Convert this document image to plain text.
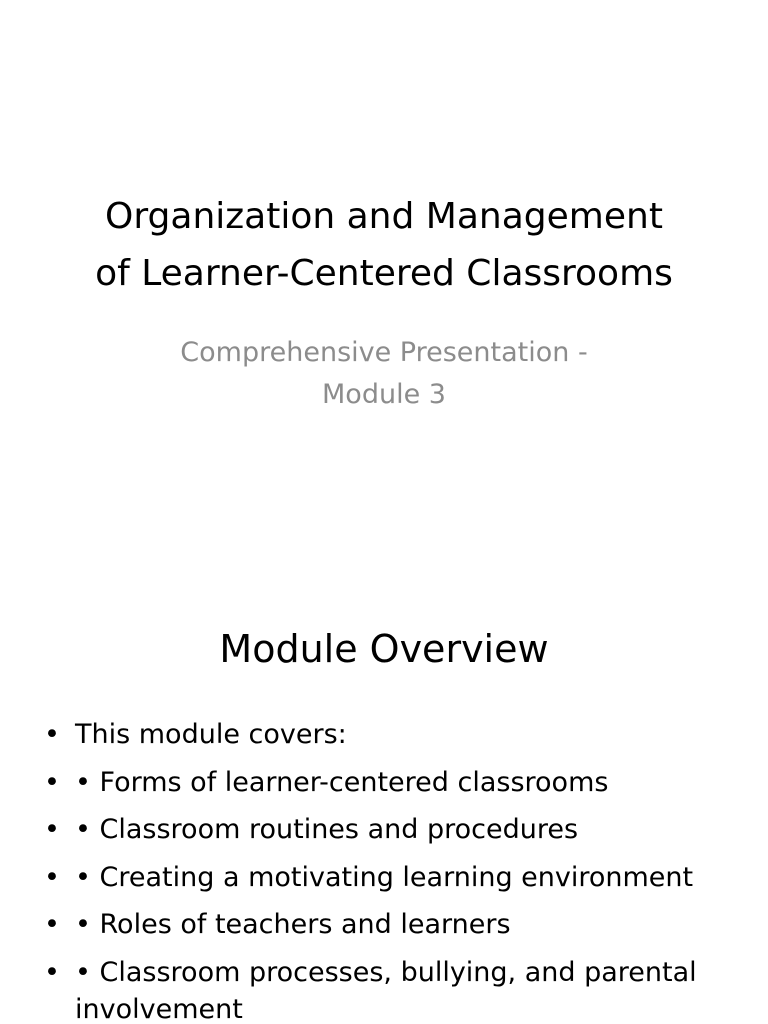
Organization and Management
of Learner-Centered Classrooms

Comprehensive Presentation -
Module 3

Module Overview
• This module covers:
• • Forms of learner-centered classrooms
• • Classroom routines and procedures
• • Creating a motivating learning environment
• • Roles of teachers and learners
• • Classroom processes, bullying, and parental involvement
